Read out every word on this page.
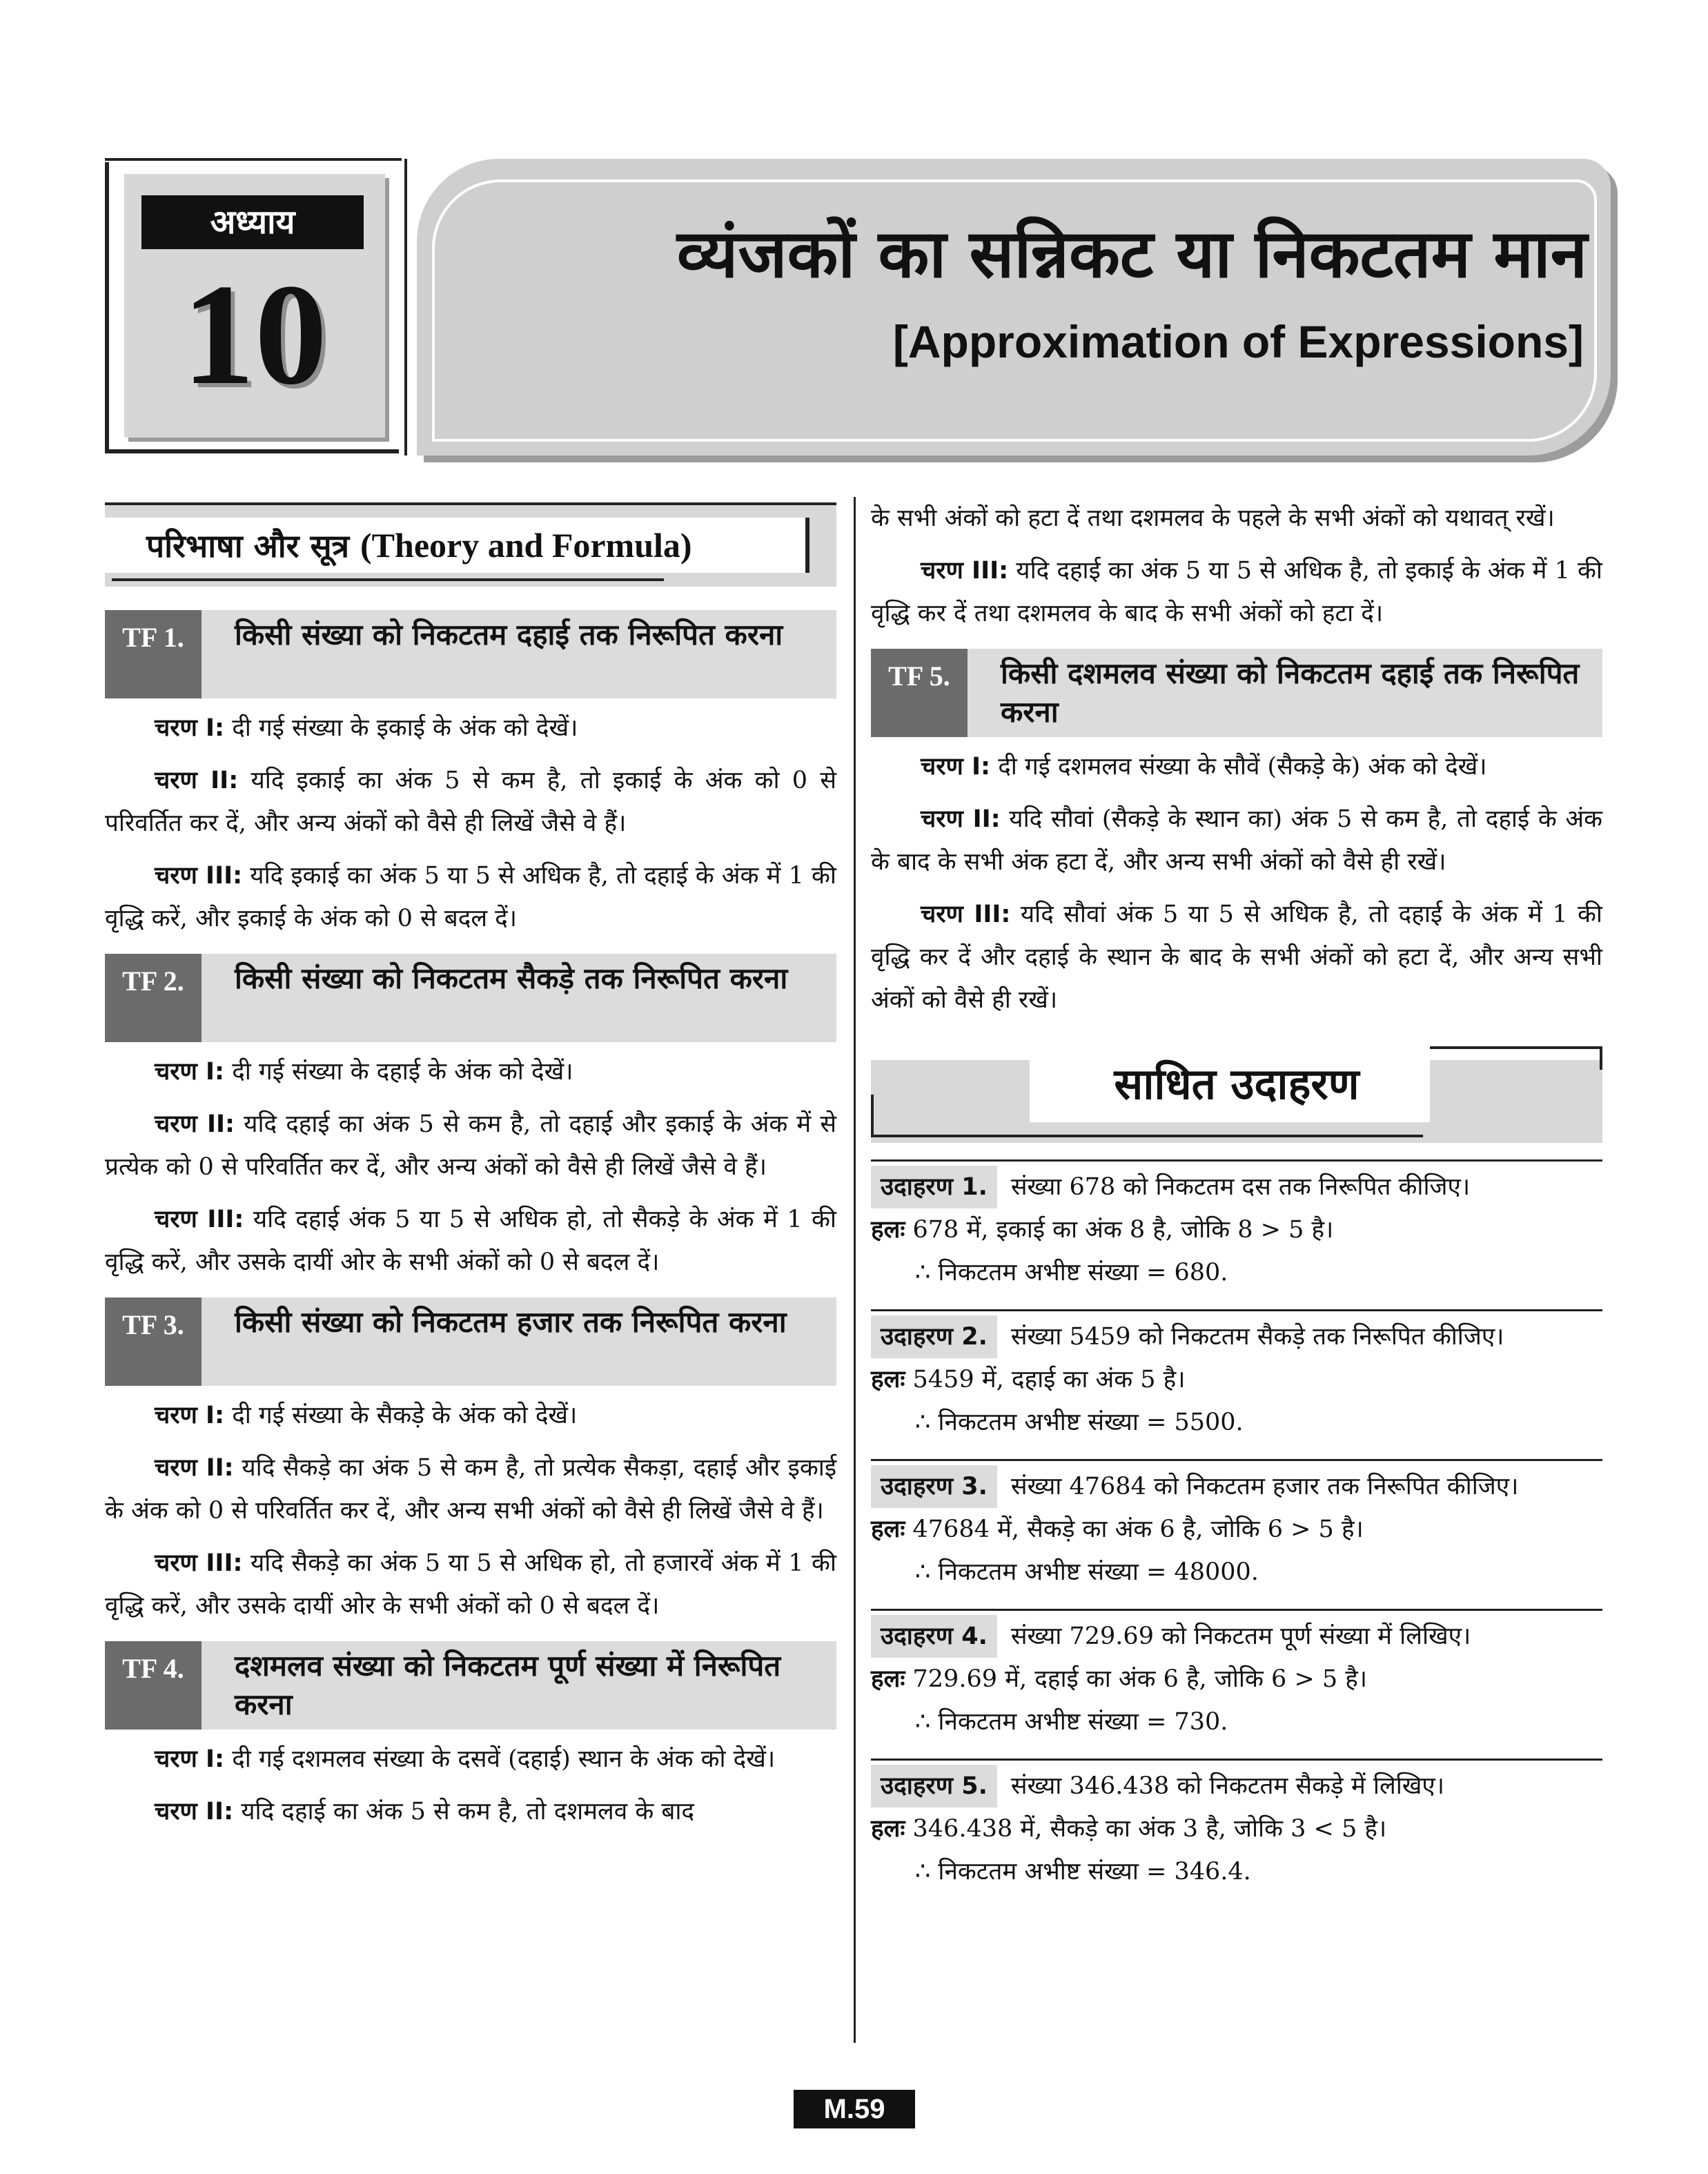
अध्याय
10
व्यंजकों का सन्निकट या निकटतम मान
[Approximation of Expressions]
परिभाषा और सूत्र (Theory and Formula)
TF 1.	किसी संख्या को निकटतम दहाई तक निरूपित करना

चरण I: दी गई संख्या के इकाई के अंक को देखें।

चरण II: यदि इकाई का अंक 5 से कम है, तो इकाई के अंक को 0 से परिवर्तित कर दें, और अन्य अंकों को वैसे ही लिखें जैसे वे हैं।

चरण III: यदि इकाई का अंक 5 या 5 से अधिक है, तो दहाई के अंक में 1 की वृद्धि करें, और इकाई के अंक को 0 से बदल दें।

TF 2.	किसी संख्या को निकटतम सैकड़े तक निरूपित करना

चरण I: दी गई संख्या के दहाई के अंक को देखें।

चरण II: यदि दहाई का अंक 5 से कम है, तो दहाई और इकाई के अंक में से प्रत्येक को 0 से परिवर्तित कर दें, और अन्य अंकों को वैसे ही लिखें जैसे वे हैं।

चरण III: यदि दहाई अंक 5 या 5 से अधिक हो, तो सैकड़े के अंक में 1 की वृद्धि करें, और उसके दायीं ओर के सभी अंकों को 0 से बदल दें।

TF 3.	किसी संख्या को निकटतम हजार तक निरूपित करना

चरण I: दी गई संख्या के सैकड़े के अंक को देखें।

चरण II: यदि सैकड़े का अंक 5 से कम है, तो प्रत्येक सैकड़ा, दहाई और इकाई के अंक को 0 से परिवर्तित कर दें, और अन्य सभी अंकों को वैसे ही लिखें जैसे वे हैं।

चरण III: यदि सैकड़े का अंक 5 या 5 से अधिक हो, तो हजारवें अंक में 1 की वृद्धि करें, और उसके दायीं ओर के सभी अंकों को 0 से बदल दें।

TF 4.	दशमलव संख्या को निकटतम पूर्ण संख्या में निरूपित करना

चरण I: दी गई दशमलव संख्या के दसवें (दहाई) स्थान के अंक को देखें।

चरण II: यदि दहाई का अंक 5 से कम है, तो दशमलव के बाद

के सभी अंकों को हटा दें तथा दशमलव के पहले के सभी अंकों को यथावत् रखें।

चरण III: यदि दहाई का अंक 5 या 5 से अधिक है, तो इकाई के अंक में 1 की वृद्धि कर दें तथा दशमलव के बाद के सभी अंकों को हटा दें।

TF 5.	किसी दशमलव संख्या को निकटतम दहाई तक निरूपित करना

चरण I: दी गई दशमलव संख्या के सौवें (सैकड़े के) अंक को देखें।

चरण II: यदि सौवां (सैकड़े के स्थान का) अंक 5 से कम है, तो दहाई के अंक के बाद के सभी अंक हटा दें, और अन्य सभी अंकों को वैसे ही रखें।

चरण III: यदि सौवां अंक 5 या 5 से अधिक है, तो दहाई के अंक में 1 की वृद्धि कर दें और दहाई के स्थान के बाद के सभी अंकों को हटा दें, और अन्य सभी अंकों को वैसे ही रखें।

साधित उदाहरण
उदाहरण 1. संख्या 678 को निकटतम दस तक निरूपित कीजिए।
हलः 678 में, इकाई का अंक 8 है, जोकि 8 > 5 है।
∴ निकटतम अभीष्ट संख्या = 680.
उदाहरण 2. संख्या 5459 को निकटतम सैकड़े तक निरूपित कीजिए।
हलः 5459 में, दहाई का अंक 5 है।
∴ निकटतम अभीष्ट संख्या = 5500.
उदाहरण 3. संख्या 47684 को निकटतम हजार तक निरूपित कीजिए।
हलः 47684 में, सैकड़े का अंक 6 है, जोकि 6 > 5 है।
∴ निकटतम अभीष्ट संख्या = 48000.
उदाहरण 4. संख्या 729.69 को निकटतम पूर्ण संख्या में लिखिए।
हलः 729.69 में, दहाई का अंक 6 है, जोकि 6 > 5 है।
∴ निकटतम अभीष्ट संख्या = 730.
उदाहरण 5. संख्या 346.438 को निकटतम सैकड़े में लिखिए।
हलः 346.438 में, सैकड़े का अंक 3 है, जोकि 3 < 5 है।
∴ निकटतम अभीष्ट संख्या = 346.4.
M.59
